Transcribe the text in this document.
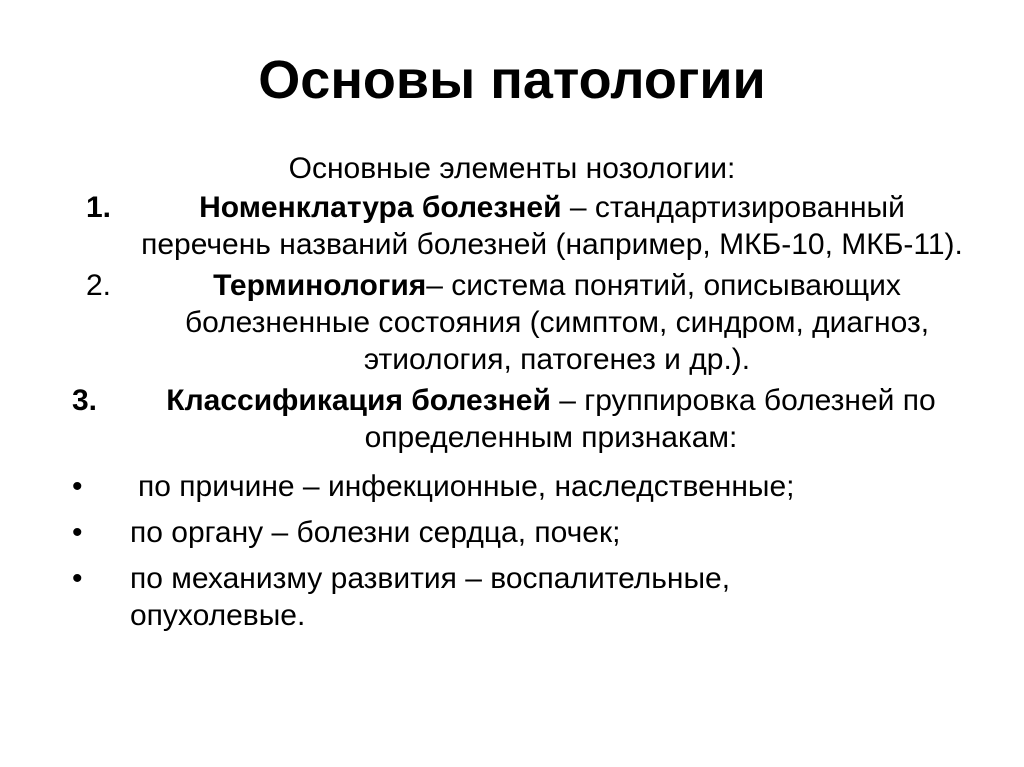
Основы патологии
Основные элементы нозологии:
1.	Номенклатура болезней – стандартизированный перечень названий болезней (например, МКБ-10, МКБ-11).
2.	Терминология– система понятий, описывающих болезненные состояния (симптом, синдром, диагноз, этиология, патогенез и др.).
3.	Классификация болезней – группировка болезней по определенным признакам:
• по причине – инфекционные, наследственные;
• по органу – болезни сердца, почек;
• по механизму развития – воспалительные, опухолевые.
